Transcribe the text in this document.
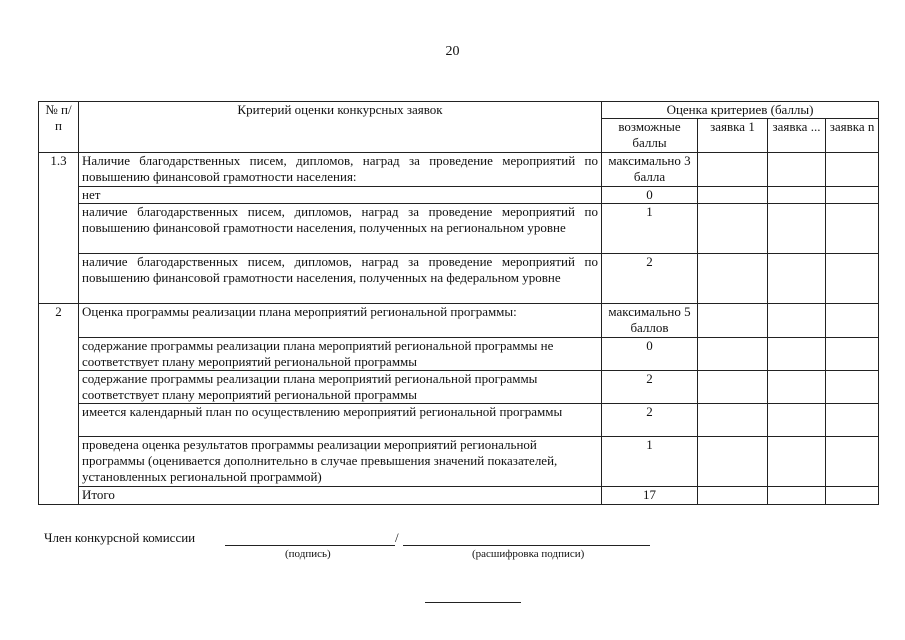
20
№ п/п	Критерий оценки конкурсных заявок	Оценка критериев (баллы)			
		возможные баллы	заявка 1	заявка ...	заявка n
1.3	Наличие благодарственных писем, дипломов, наград за проведение мероприятий по повышению финансовой грамотности населения:	максимально 3 балла			
	нет	0			
	наличие благодарственных писем, дипломов, наград за проведение мероприятий по повышению финансовой грамотности населения, полученных на региональном уровне	1			
	наличие благодарственных писем, дипломов, наград за проведение мероприятий по повышению финансовой грамотности населения, полученных на федеральном уровне	2			
2	Оценка программы реализации плана мероприятий региональной программы:	максимально 5 баллов			
	содержание программы реализации плана мероприятий региональной программы не соответствует плану мероприятий региональной программы	0			
	содержание программы реализации плана мероприятий региональной программы соответствует плану мероприятий региональной программы	2			
	имеется календарный план по осуществлению мероприятий региональной программы	2			
	проведена оценка результатов программы реализации мероприятий региональной программы (оценивается дополнительно в случае превышения значений показателей, установленных региональной программой)	1			
	Итого	17			
Член конкурсной комиссии	/
(подпись)	(расшифровка подписи)
